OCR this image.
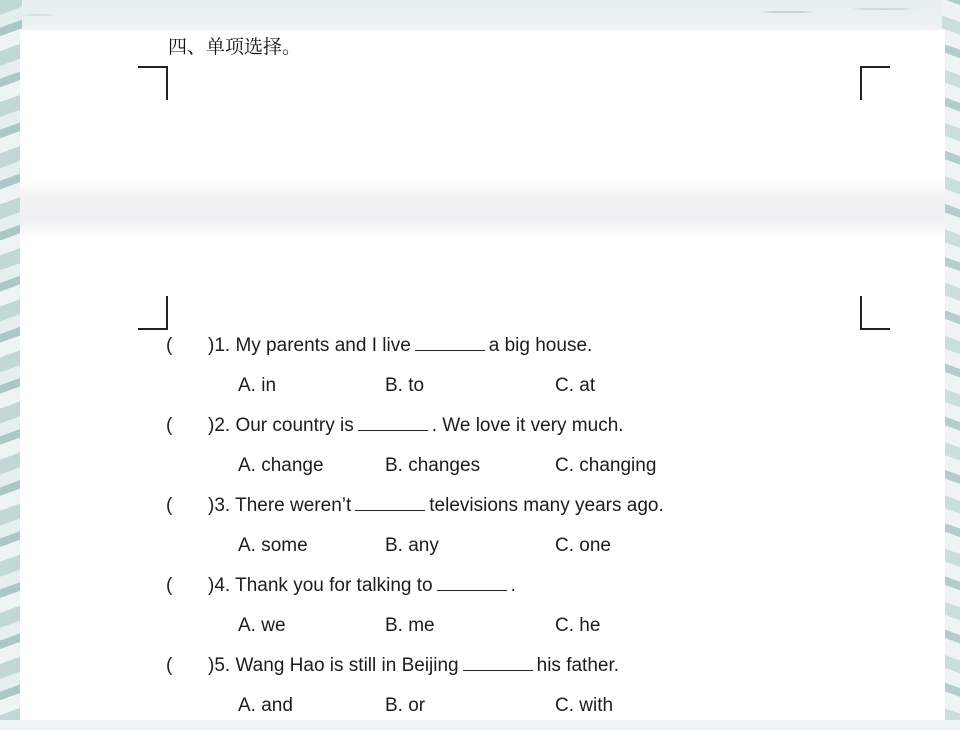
四、单项选择。
( )1. My parents and I live	a big house.
A. in	B. to	C. at
( )2. Our country is	. We love it very much.
A. change	B. changes	C. changing
( )3. There weren’t	televisions many years ago.
A. some	B. any	C. one
( )4. Thank you for talking to	.
A. we	B. me	C. he
( )5. Wang Hao is still in Beijing	his father.
A. and	B. or	C. with
